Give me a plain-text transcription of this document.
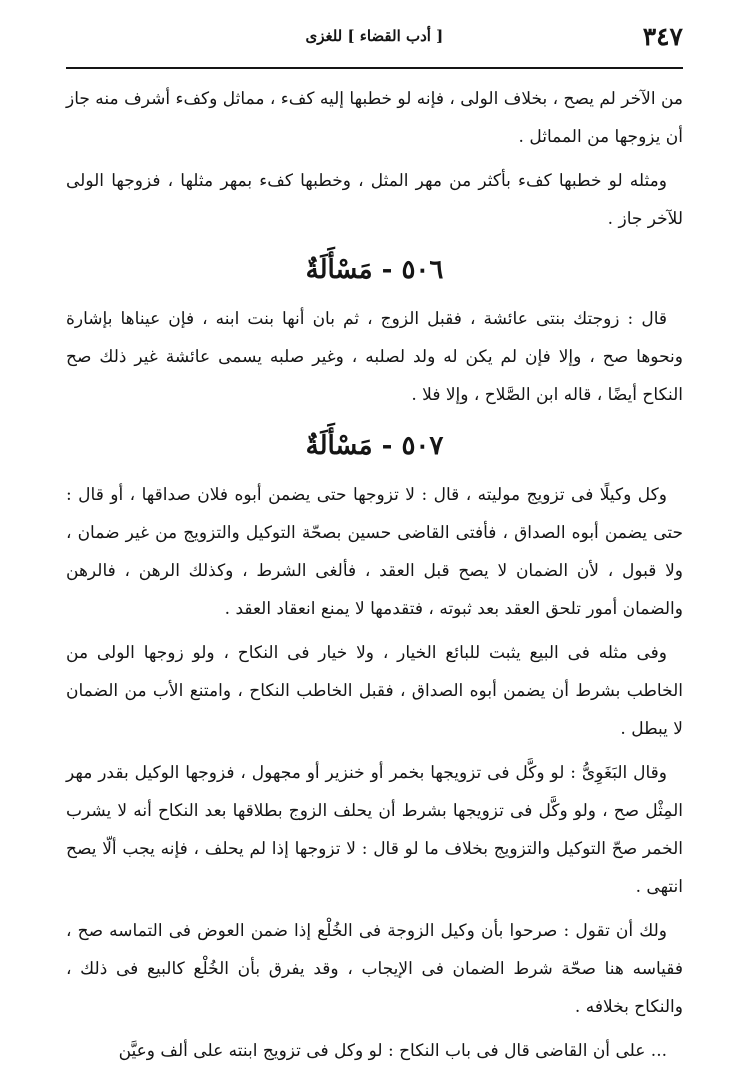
٣٤٧
[ أدب القضاء ] للغزى

من الآخر لم يصح ، بخلاف الولى ، فإنه لو خطبها إليه كفء ، مماثل وكفء أشرف منه جاز أن يزوجها من المماثل .

ومثله لو خطبها كفء بأكثر من مهر المثل ، وخطبها كفء بمهر مثلها ، فزوجها الولى للآخر جاز .

٥٠٦ - مَسْأَلَةٌ

قال : زوجتك بنتى عائشة ، فقبل الزوج ، ثم بان أنها بنت ابنه ، فإن عيناها بإشارة ونحوها صح ، وإلا فإن لم يكن له ولد لصلبه ، وغير صلبه يسمى عائشة غير ذلك صح النكاح أيضًا ، قاله ابن الصَّلاح ، وإلا فلا .

٥٠٧ - مَسْأَلَةٌ

وكل وكيلًا فى تزويج موليته ، قال : لا تزوجها حتى يضمن أبوه فلان صداقها ، أو قال : حتى يضمن أبوه الصداق ، فأفتى القاضى حسين بصحّة التوكيل والتزويج من غير ضمان ، ولا قبول ، لأن الضمان لا يصح قبل العقد ، فألغى الشرط ، وكذلك الرهن ، فالرهن والضمان أمور تلحق العقد بعد ثبوته ، فتقدمها لا يمنع انعقاد العقد .

وفى مثله فى البيع يثبت للبائع الخيار ، ولا خيار فى النكاح ، ولو زوجها الولى من الخاطب بشرط أن يضمن أبوه الصداق ، فقبل الخاطب النكاح ، وامتنع الأب من الضمان لا يبطل .

وقال البَغَوِىُّ : لو وكَّل فى تزويجها بخمر أو خنزير أو مجهول ، فزوجها الوكيل بقدر مهر المِثْل صح ، ولو وكَّل فى تزويجها بشرط أن يحلف الزوج بطلاقها بعد النكاح أنه لا يشرب الخمر صحّ التوكيل والتزويج بخلاف ما لو قال : لا تزوجها إذا لم يحلف ، فإنه يجب ألّا يصح انتهى .

ولك أن تقول : صرحوا بأن وكيل الزوجة فى الخُلْع إذا ضمن العوض فى التماسه صح ، فقياسه هنا صحّة شرط الضمان فى الإيجاب ، وقد يفرق بأن الخُلْع كالبيع فى ذلك ، والنكاح بخلافه .

... على أن القاضى قال فى باب النكاح : لو وكل فى تزويج ابنته على ألف وعيَّن
